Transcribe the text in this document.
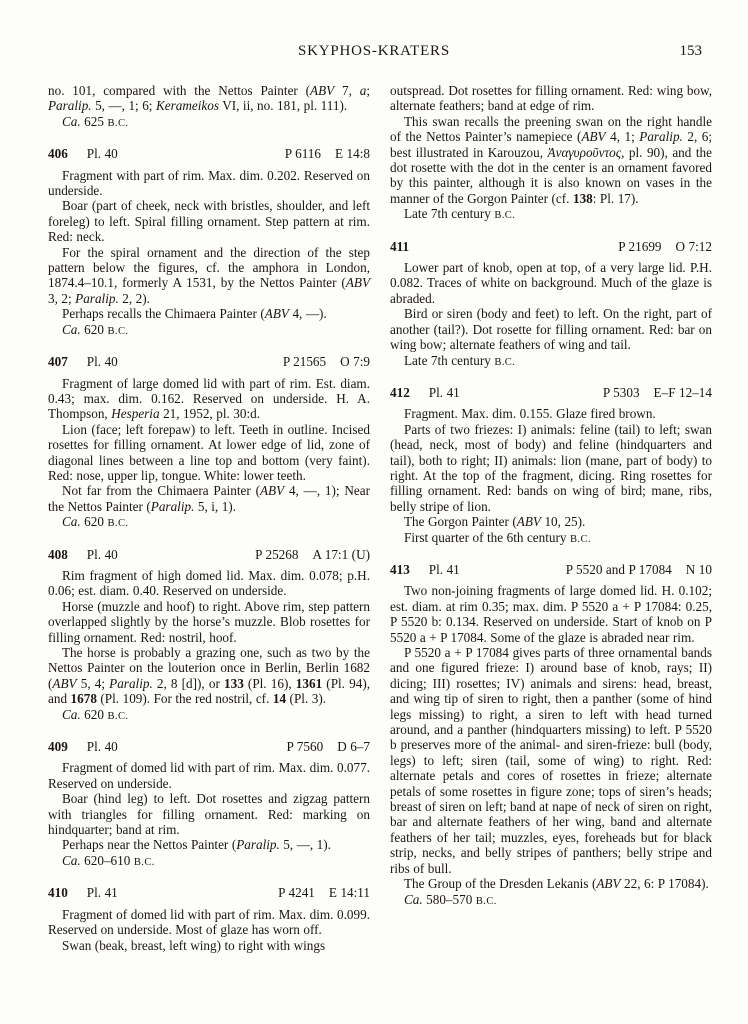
SKYPHOS-KRATERS	153

no. 101, compared with the Nettos Painter (ABV 7, a; Paralip. 5, —, 1; 6; Kerameikos VI, ii, no. 181, pl. 111).

Ca. 625 B.C.

406 Pl. 40	P 6116 E 14:8

Fragment with part of rim. Max. dim. 0.202. Reserved on underside.

Boar (part of cheek, neck with bristles, shoulder, and left foreleg) to left. Spiral filling ornament. Step pattern at rim. Red: neck.

For the spiral ornament and the direction of the step pattern below the figures, cf. the amphora in London, 1874.4–10.1, formerly A 1531, by the Nettos Painter (ABV 3, 2; Paralip. 2, 2).

Perhaps recalls the Chimaera Painter (ABV 4, —).

Ca. 620 B.C.

407 Pl. 40	P 21565 O 7:9

Fragment of large domed lid with part of rim. Est. diam. 0.43; max. dim. 0.162. Reserved on underside. H. A. Thompson, Hesperia 21, 1952, pl. 30:d.

Lion (face; left forepaw) to left. Teeth in outline. Incised rosettes for filling ornament. At lower edge of lid, zone of diagonal lines between a line top and bottom (very faint). Red: nose, upper lip, tongue. White: lower teeth.

Not far from the Chimaera Painter (ABV 4, —, 1); Near the Nettos Painter (Paralip. 5, i, 1).

Ca. 620 B.C.

408 Pl. 40	P 25268 A 17:1 (U)

Rim fragment of high domed lid. Max. dim. 0.078; p.H. 0.06; est. diam. 0.40. Reserved on underside.

Horse (muzzle and hoof) to right. Above rim, step pattern overlapped slightly by the horse’s muzzle. Blob rosettes for filling ornament. Red: nostril, hoof.

The horse is probably a grazing one, such as two by the Nettos Painter on the louterion once in Berlin, Berlin 1682 (ABV 5, 4; Paralip. 2, 8 [d]), or 133 (Pl. 16), 1361 (Pl. 94), and 1678 (Pl. 109). For the red nostril, cf. 14 (Pl. 3).

Ca. 620 B.C.

409 Pl. 40	P 7560 D 6–7

Fragment of domed lid with part of rim. Max. dim. 0.077. Reserved on underside.

Boar (hind leg) to left. Dot rosettes and zigzag pattern with triangles for filling ornament. Red: marking on hindquarter; band at rim.

Perhaps near the Nettos Painter (Paralip. 5, —, 1).

Ca. 620–610 B.C.

410 Pl. 41	P 4241 E 14:11

Fragment of domed lid with part of rim. Max. dim. 0.099. Reserved on underside. Most of glaze has worn off.

Swan (beak, breast, left wing) to right with wings

outspread. Dot rosettes for filling ornament. Red: wing bow, alternate feathers; band at edge of rim.

This swan recalls the preening swan on the right handle of the Nettos Painter’s namepiece (ABV 4, 1; Paralip. 2, 6; best illustrated in Karouzou, Ἀναγυροῦντος, pl. 90), and the dot rosette with the dot in the center is an ornament favored by this painter, although it is also known on vases in the manner of the Gorgon Painter (cf. 138: Pl. 17).

Late 7th century B.C.

411	P 21699 O 7:12

Lower part of knob, open at top, of a very large lid. P.H. 0.082. Traces of white on background. Much of the glaze is abraded.

Bird or siren (body and feet) to left. On the right, part of another (tail?). Dot rosette for filling ornament. Red: bar on wing bow; alternate feathers of wing and tail.

Late 7th century B.C.

412 Pl. 41	P 5303 E–F 12–14

Fragment. Max. dim. 0.155. Glaze fired brown.

Parts of two friezes: I) animals: feline (tail) to left; swan (head, neck, most of body) and feline (hindquarters and tail), both to right; II) animals: lion (mane, part of body) to right. At the top of the fragment, dicing. Ring rosettes for filling ornament. Red: bands on wing of bird; mane, ribs, belly stripe of lion.

The Gorgon Painter (ABV 10, 25).

First quarter of the 6th century B.C.

413 Pl. 41	P 5520 and P 17084 N 10

Two non-joining fragments of large domed lid. H. 0.102; est. diam. at rim 0.35; max. dim. P 5520 a + P 17084: 0.25, P 5520 b: 0.134. Reserved on underside. Start of knob on P 5520 a + P 17084. Some of the glaze is abraded near rim.

P 5520 a + P 17084 gives parts of three ornamental bands and one figured frieze: I) around base of knob, rays; II) dicing; III) rosettes; IV) animals and sirens: head, breast, and wing tip of siren to right, then a panther (some of hind legs missing) to right, a siren to left with head turned around, and a panther (hindquarters missing) to left. P 5520 b preserves more of the animal- and siren-frieze: bull (body, legs) to left; siren (tail, some of wing) to right. Red: alternate petals and cores of rosettes in frieze; alternate petals of some rosettes in figure zone; tops of siren’s heads; breast of siren on left; band at nape of neck of siren on right, bar and alternate feathers of her wing, band and alternate feathers of her tail; muzzles, eyes, foreheads but for black strip, necks, and belly stripes of panthers; belly stripe and ribs of bull.

The Group of the Dresden Lekanis (ABV 22, 6: P 17084).

Ca. 580–570 B.C.
